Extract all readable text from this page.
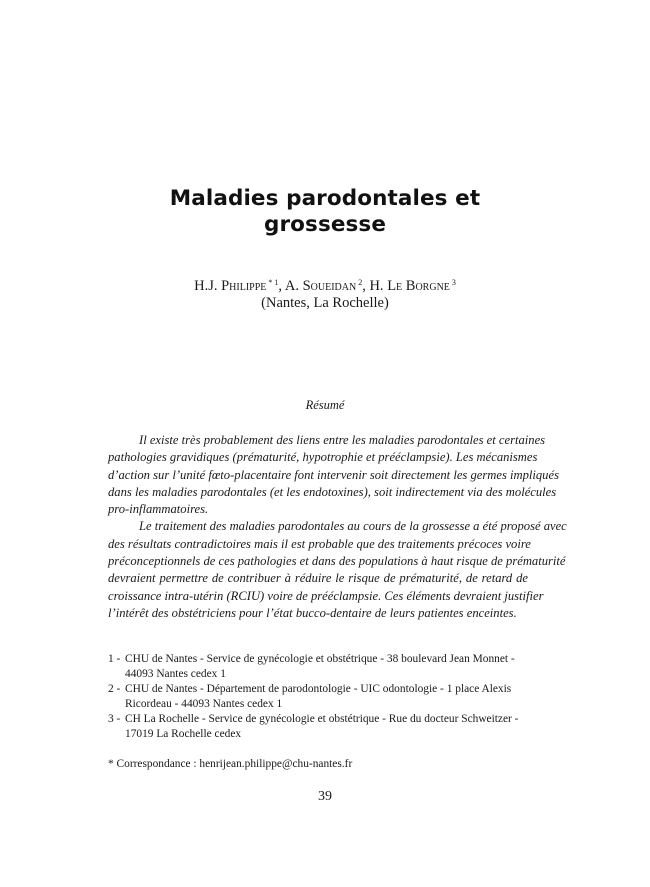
Maladies parodontales et
grossesse
H.J. Philippe $^{* 1}$, A. Soueidan $^2$, H. Le Borgne $^3$
(Nantes, La Rochelle)
Résumé
Il existe très probablement des liens entre les maladies parodontales et certaines
pathologies gravidiques (prématurité, hypotrophie et prééclampsie). Les mécanismes
d’action sur l’unité fœto-placentaire font intervenir soit directement les germes impliqués
dans les maladies parodontales (et les endotoxines), soit indirectement via des molécules
pro-inflammatoires.
Le traitement des maladies parodontales au cours de la grossesse a été proposé avec
des résultats contradictoires mais il est probable que des traitements précoces voire
préconceptionnels de ces pathologies et dans des populations à haut risque de prématurité
devraient permettre de contribuer à réduire le risque de prématurité, de retard de
croissance intra-utérin (RCIU) voire de prééclampsie. Ces éléments devraient justifier
l’intérêt des obstétriciens pour l’état bucco-dentaire de leurs patientes enceintes.
1 - CHU de Nantes - Service de gynécologie et obstétrique - 38 boulevard Jean Monnet -
44093 Nantes cedex 1
2 - CHU de Nantes - Département de parodontologie - UIC odontologie - 1 place Alexis
Ricordeau - 44093 Nantes cedex 1
3 - CH La Rochelle - Service de gynécologie et obstétrique - Rue du docteur Schweitzer -
17019 La Rochelle cedex
* Correspondance : henrijean.philippe@chu-nantes.fr
39
